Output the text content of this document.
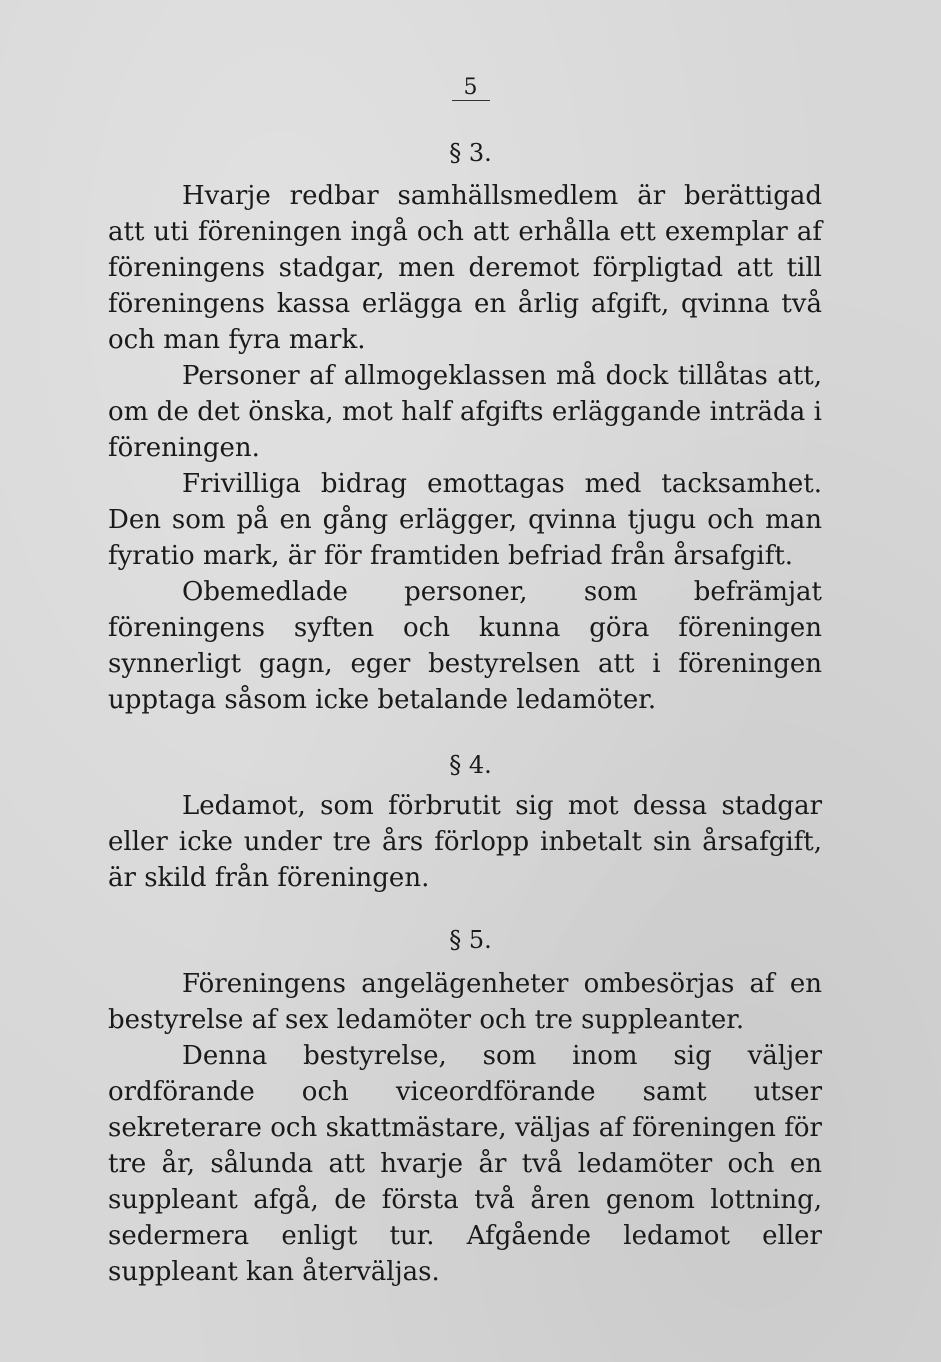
5
§ 3.

Hvarje redbar samhällsmedlem är berättigad att uti föreningen ingå och att erhålla ett exemplar af föreningens stadgar, men deremot förpligtad att till föreningens kassa erlägga en årlig afgift, qvinna två och man fyra mark.

Personer af allmogeklassen må dock tillåtas att, om de det önska, mot half afgifts erläggande inträda i föreningen.

Frivilliga bidrag emottagas med tacksamhet. Den som på en gång erlägger, qvinna tjugu och man fyratio mark, är för framtiden befriad från årsafgift.

Obemedlade personer, som befrämjat föreningens syften och kunna göra föreningen synnerligt gagn, eger bestyrelsen att i föreningen upptaga såsom icke betalande ledamöter.

§ 4.

Ledamot, som förbrutit sig mot dessa stadgar eller icke under tre års förlopp inbetalt sin årsafgift, är skild från föreningen.

§ 5.

Föreningens angelägenheter ombesörjas af en bestyrelse af sex ledamöter och tre suppleanter.

Denna bestyrelse, som inom sig väljer ordförande och viceordförande samt utser sekreterare och skattmästare, väljas af föreningen för tre år, sålunda att hvarje år två ledamöter och en suppleant afgå, de första två åren genom lottning, sedermera enligt tur. Afgående ledamot eller suppleant kan återväljas.
